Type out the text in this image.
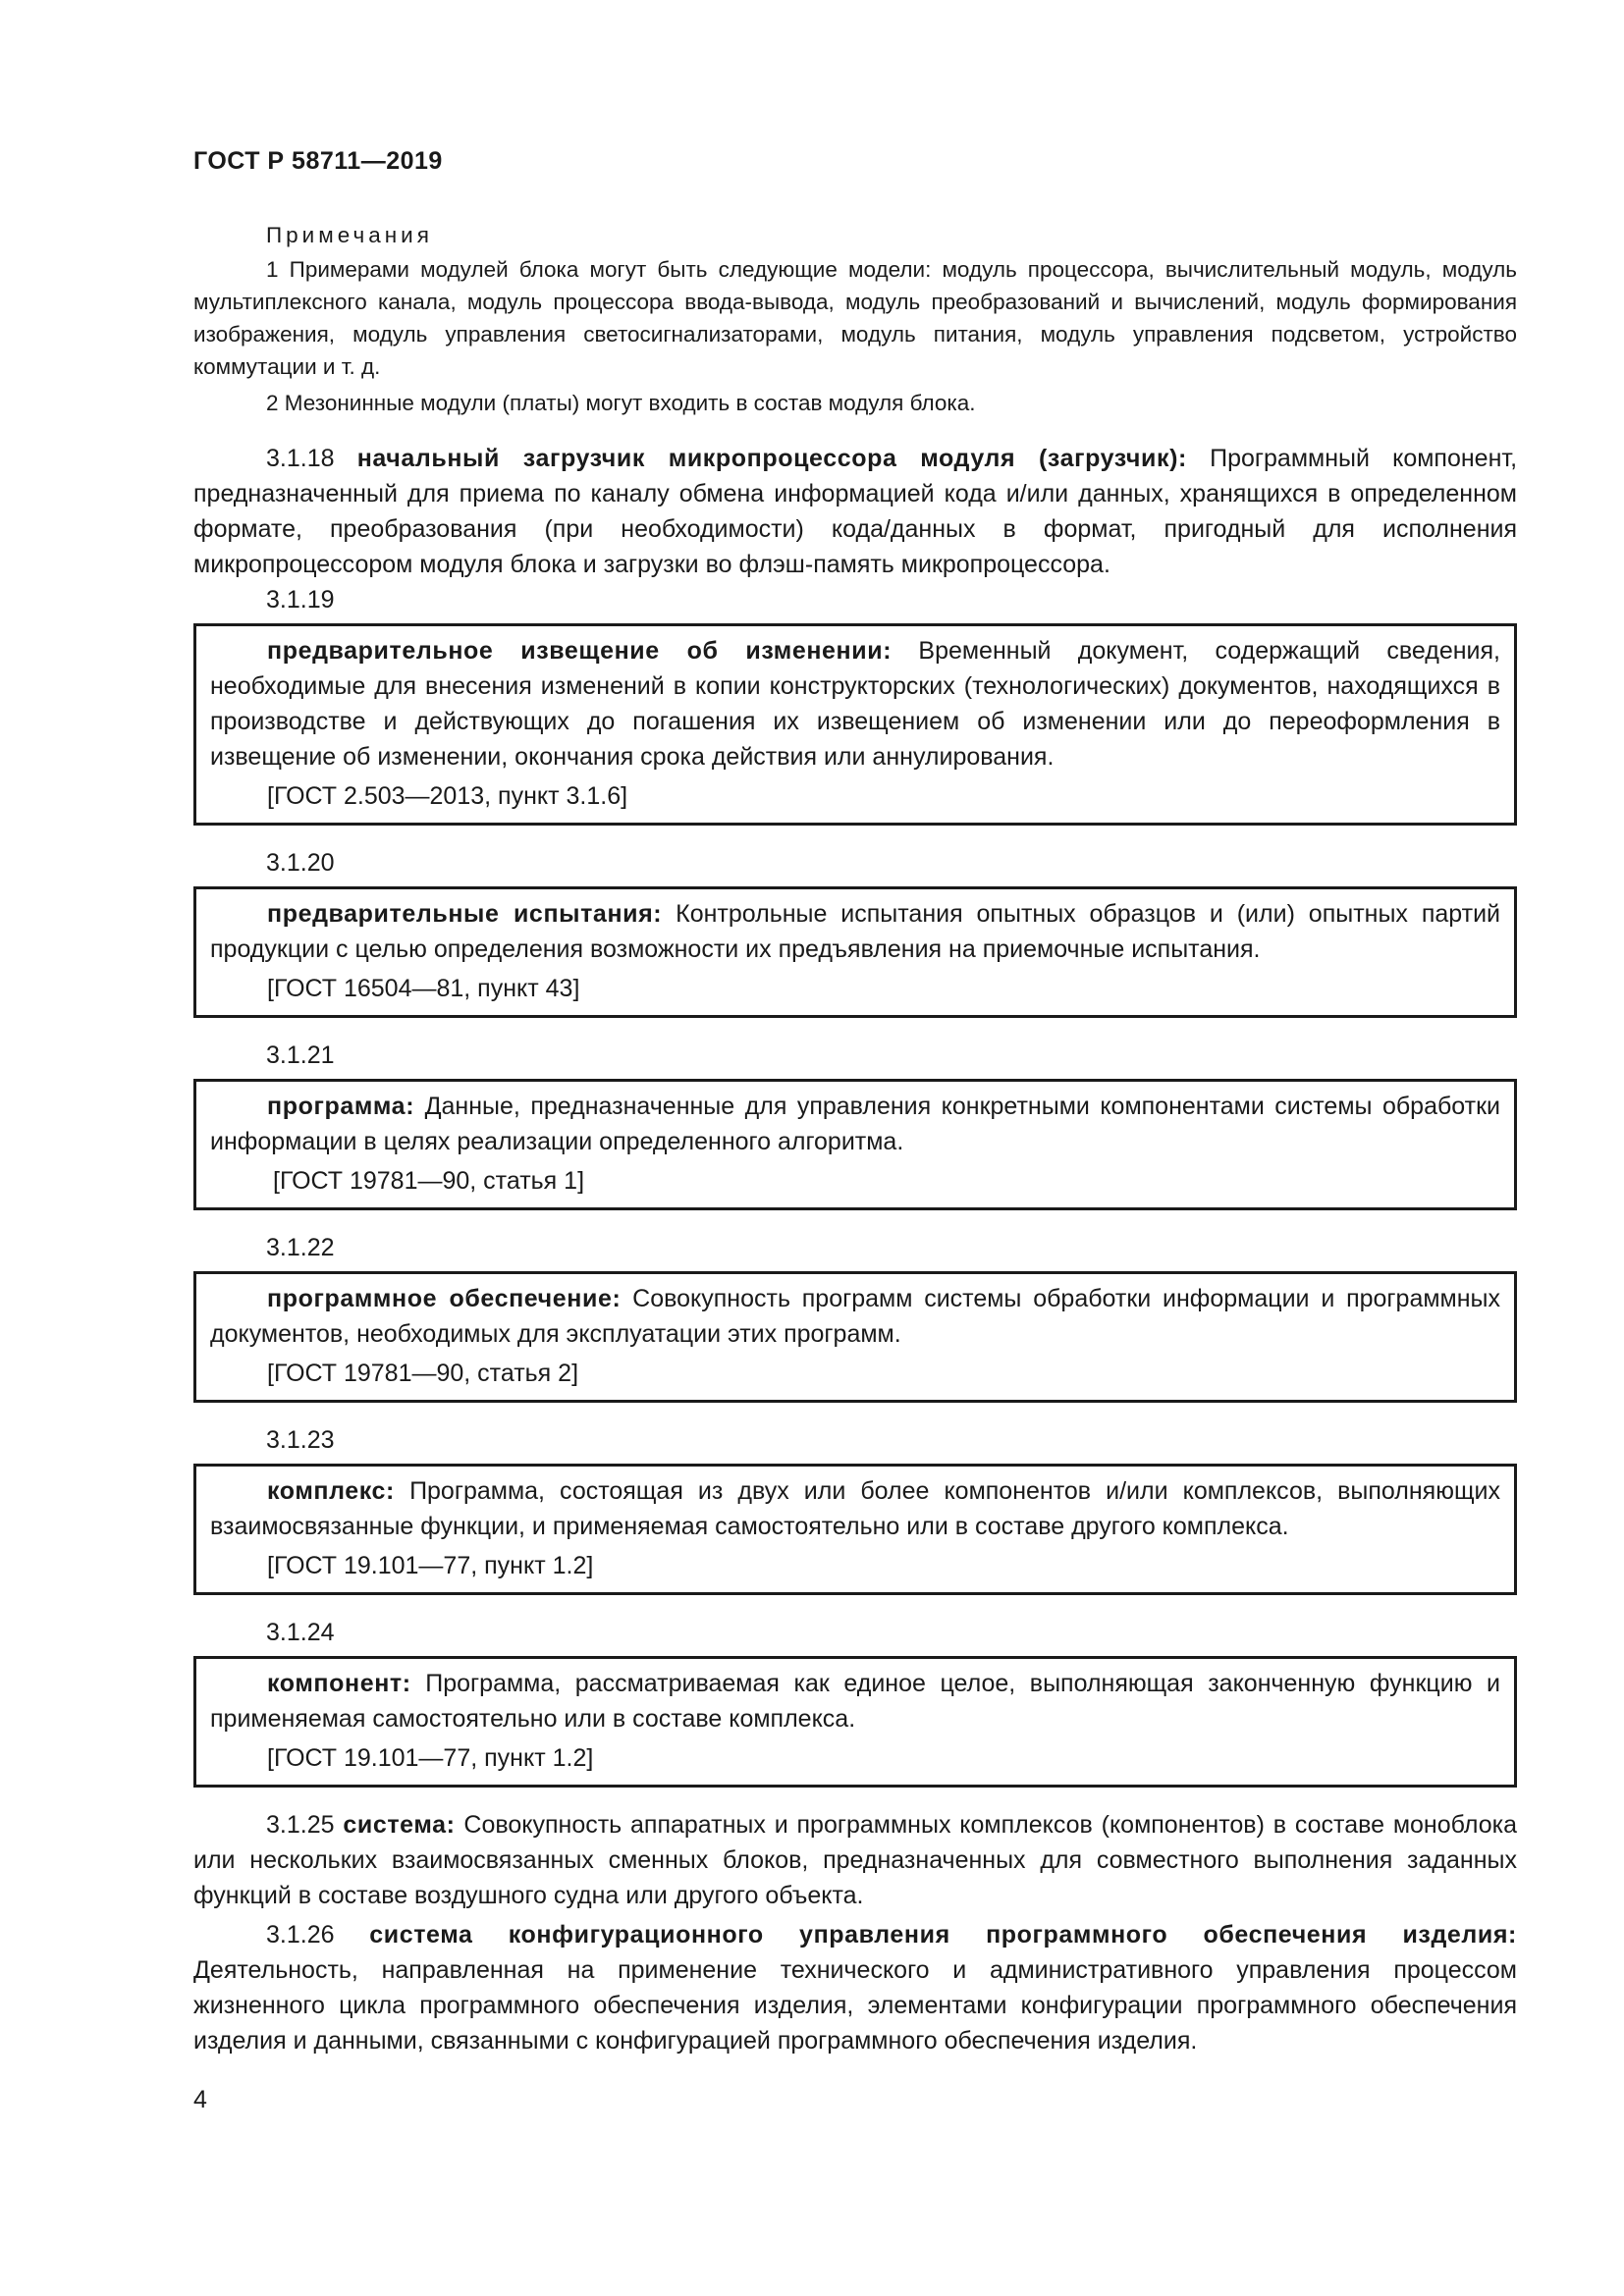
ГОСТ Р 58711—2019
Примечания

1 Примерами модулей блока могут быть следующие модели: модуль процессора, вычислительный модуль, модуль мультиплексного канала, модуль процессора ввода-вывода, модуль преобразований и вычислений, модуль формирования изображения, модуль управления светосигнализаторами, модуль питания, модуль управления подсветом, устройство коммутации и т. д.

2 Мезонинные модули (платы) могут входить в состав модуля блока.

3.1.18 начальный загрузчик микропроцессора модуля (загрузчик): Программный компонент, предназначенный для приема по каналу обмена информацией кода и/или данных, хранящихся в определенном формате, преобразования (при необходимости) кода/данных в формат, пригодный для исполнения микропроцессором модуля блока и загрузки во флэш-память микропроцессора.

3.1.19

предварительное извещение об изменении: Временный документ, содержащий сведения, необходимые для внесения изменений в копии конструкторских (технологических) документов, находящихся в производстве и действующих до погашения их извещением об изменении или до переоформления в извещение об изменении, окончания срока действия или аннулирования.

[ГОСТ 2.503—2013, пункт 3.1.6]

3.1.20

предварительные испытания: Контрольные испытания опытных образцов и (или) опытных партий продукции с целью определения возможности их предъявления на приемочные испытания.

[ГОСТ 16504—81, пункт 43]

3.1.21

программа: Данные, предназначенные для управления конкретными компонентами системы обработки информации в целях реализации определенного алгоритма.

[ГОСТ 19781—90, статья 1]

3.1.22

программное обеспечение: Совокупность программ системы обработки информации и программных документов, необходимых для эксплуатации этих программ.

[ГОСТ 19781—90, статья 2]

3.1.23

комплекс: Программа, состоящая из двух или более компонентов и/или комплексов, выполняющих взаимосвязанные функции, и применяемая самостоятельно или в составе другого комплекса.

[ГОСТ 19.101—77, пункт 1.2]

3.1.24

компонент: Программа, рассматриваемая как единое целое, выполняющая законченную функцию и применяемая самостоятельно или в составе комплекса.

[ГОСТ 19.101—77, пункт 1.2]

3.1.25 система: Совокупность аппаратных и программных комплексов (компонентов) в составе моноблока или нескольких взаимосвязанных сменных блоков, предназначенных для совместного выполнения заданных функций в составе воздушного судна или другого объекта.

3.1.26 система конфигурационного управления программного обеспечения изделия: Деятельность, направленная на применение технического и административного управления процессом жизненного цикла программного обеспечения изделия, элементами конфигурации программного обеспечения изделия и данными, связанными с конфигурацией программного обеспечения изделия.

4
